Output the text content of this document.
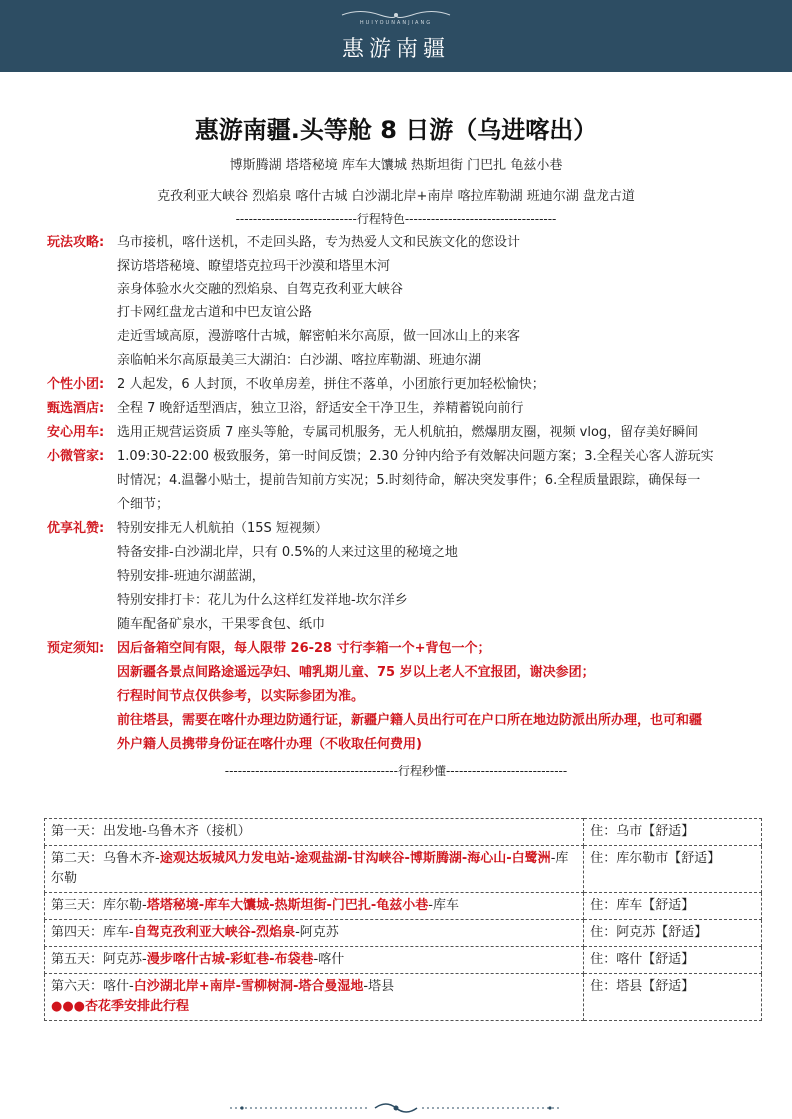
HUIYOUNANJIANG
惠游南疆
惠游南疆.头等舱 8 日游（乌进喀出）
博斯腾湖 塔塔秘境 库车大馕城 热斯坦街 门巴扎 龟兹小巷
克孜利亚大峡谷 烈焰泉 喀什古城 白沙湖北岸+南岸 喀拉库勒湖 班迪尔湖 盘龙古道
----------------------------行程特色-----------------------------------
玩法攻略: 乌市接机，喀什送机，不走回头路，专为热爱人文和民族文化的您设计
探访塔塔秘境、瞭望塔克拉玛干沙漠和塔里木河
亲身体验水火交融的烈焰泉、自驾克孜利亚大峡谷
打卡网红盘龙古道和中巴友谊公路
走近雪域高原，漫游喀什古城，解密帕米尔高原，做一回冰山上的来客
亲临帕米尔高原最美三大湖泊：白沙湖、喀拉库勒湖、班迪尔湖
个性小团: 2 人起发，6 人封顶，不收单房差，拼住不落单，小团旅行更加轻松愉快；
甄选酒店: 全程 7 晚舒适型酒店，独立卫浴，舒适安全干净卫生，养精蓄锐向前行
安心用车: 选用正规营运资质 7 座头等舱，专属司机服务，无人机航拍，燃爆朋友圈，视频 vlog，留存美好瞬间
小微管家: 1.09:30-22:00 极致服务，第一时间反馈；2.30 分钟内给予有效解决问题方案；3.全程关心客人游玩实
时情况；4.温馨小贴士，提前告知前方实况；5.时刻待命，解决突发事件；6.全程质量跟踪，确保每一
个细节；
优享礼赞: 特别安排无人机航拍（15S 短视频）
特备安排-白沙湖北岸，只有 0.5%的人来过这里的秘境之地
特别安排-班迪尔湖蓝湖，
特别安排打卡：花儿为什么这样红发祥地-坎尔洋乡
随车配备矿泉水，干果零食包、纸巾
预定须知: 因后备箱空间有限，每人限带 26-28 寸行李箱一个+背包一个；
因新疆各景点间路途遥远孕妇、哺乳期儿童、75 岁以上老人不宜报团，谢决参团；
行程时间节点仅供参考，以实际参团为准。
前往塔县，需要在喀什办理边防通行证，新疆户籍人员出行可在户口所在地边防派出所办理，也可和疆
外户籍人员携带身份证在喀什办理（不收取任何费用)
----------------------------------------行程秒懂----------------------------
第一天：出发地-乌鲁木齐（接机）	住：乌市【舒适】
第二天：乌鲁木齐-途观达坂城风力发电站-途观盐湖-甘沟峡谷-博斯腾湖-海心山-白鹭洲-库尔勒	住：库尔勒市【舒适】
第三天：库尔勒-塔塔秘境-库车大馕城-热斯坦街-门巴扎-龟兹小巷-库车	住：库车【舒适】
第四天：库车-自驾克孜利亚大峡谷-烈焰泉-阿克苏	住：阿克苏【舒适】
第五天：阿克苏-漫步喀什古城-彩虹巷-布袋巷-喀什	住：喀什【舒适】
第六天：喀什-白沙湖北岸+南岸-雪柳树洞-塔合曼湿地-塔县
●●●杏花季安排此行程	住：塔县【舒适】
